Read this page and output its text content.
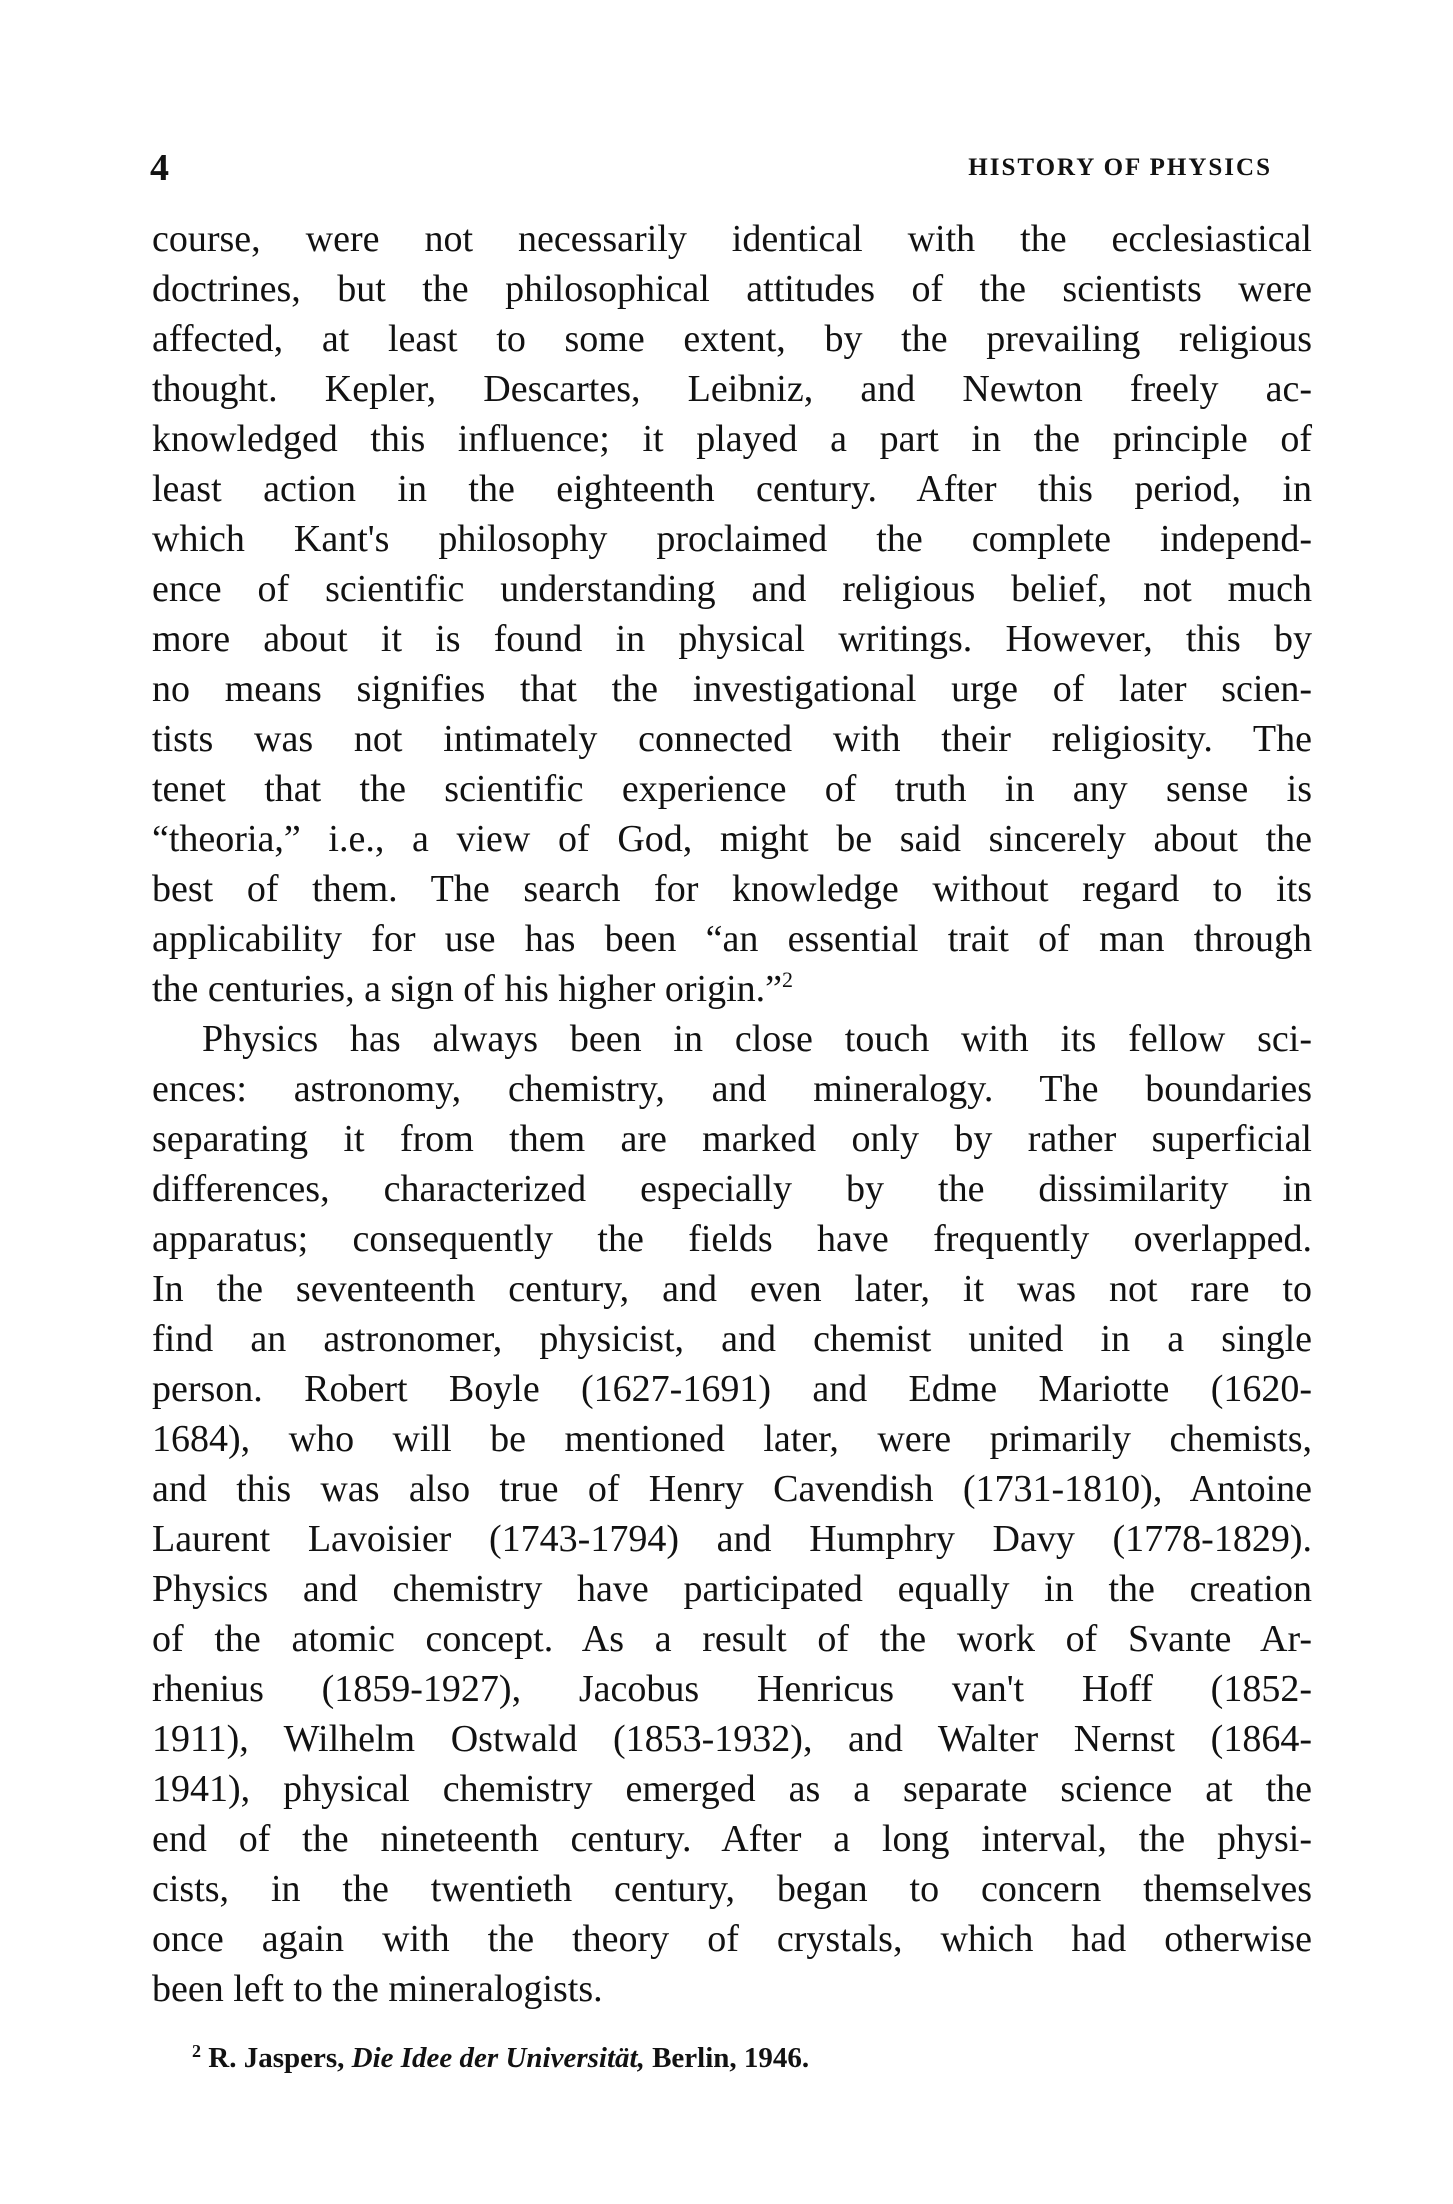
4	HISTORY OF PHYSICS
course, were not necessarily identical with the ecclesiastical
doctrines, but the philosophical attitudes of the scientists were
affected, at least to some extent, by the prevailing religious
thought. Kepler, Descartes, Leibniz, and Newton freely ac-
knowledged this influence; it played a part in the principle of
least action in the eighteenth century. After this period, in
which Kant's philosophy proclaimed the complete independ-
ence of scientific understanding and religious belief, not much
more about it is found in physical writings. However, this by
no means signifies that the investigational urge of later scien-
tists was not intimately connected with their religiosity. The
tenet that the scientific experience of truth in any sense is
“theoria,” i.e., a view of God, might be said sincerely about the
best of them. The search for knowledge without regard to its
applicability for use has been “an essential trait of man through
the centuries, a sign of his higher origin.”$^2$
Physics has always been in close touch with its fellow sci-
ences: astronomy, chemistry, and mineralogy. The boundaries
separating it from them are marked only by rather superficial
differences, characterized especially by the dissimilarity in
apparatus; consequently the fields have frequently overlapped.
In the seventeenth century, and even later, it was not rare to
find an astronomer, physicist, and chemist united in a single
person. Robert Boyle (1627-1691) and Edme Mariotte (1620-
1684), who will be mentioned later, were primarily chemists,
and this was also true of Henry Cavendish (1731-1810), Antoine
Laurent Lavoisier (1743-1794) and Humphry Davy (1778-1829).
Physics and chemistry have participated equally in the creation
of the atomic concept. As a result of the work of Svante Ar-
rhenius (1859-1927), Jacobus Henricus van't Hoff (1852-
1911), Wilhelm Ostwald (1853-1932), and Walter Nernst (1864-
1941), physical chemistry emerged as a separate science at the
end of the nineteenth century. After a long interval, the physi-
cists, in the twentieth century, began to concern themselves
once again with the theory of crystals, which had otherwise
been left to the mineralogists.
$^2$ R. Jaspers, Die Idee der Universität, Berlin, 1946.
